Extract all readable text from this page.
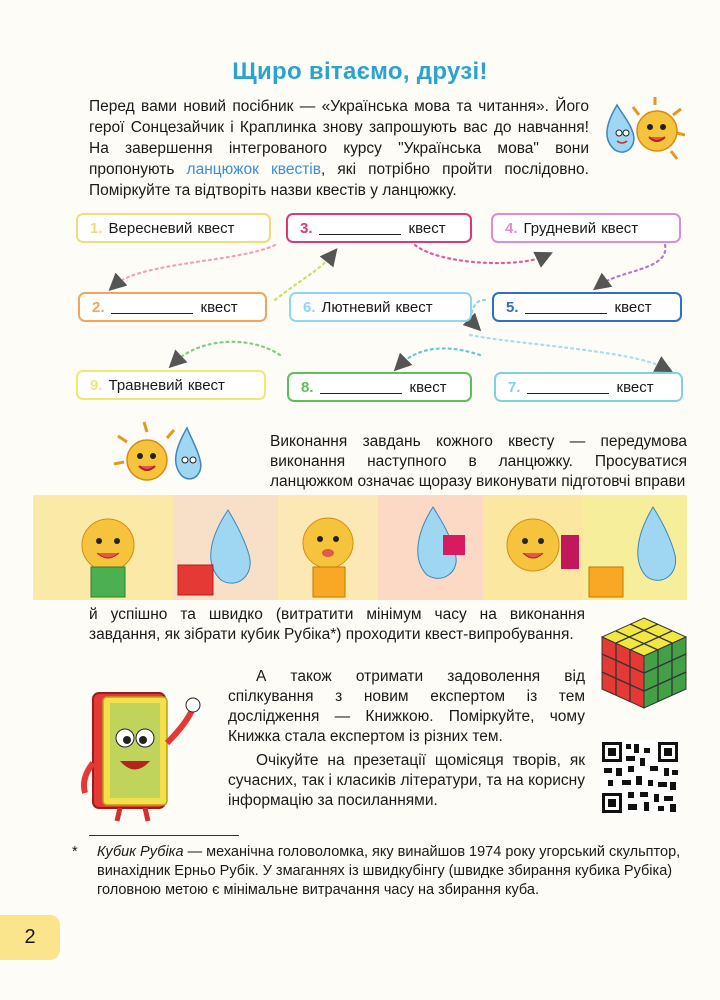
Щиро вітаємо, друзі!
Перед вами новий посібник — «Українська мова та читання». Його герої Сонцезайчик і Краплинка знову запрошують вас до навчання! На завершення інтегрованого курсу "Українська мова" вони пропонують ланцюжок квестів, які потрібно пройти послідовно. Поміркуйте та відтворіть назви квестів у ланцюжку.
1. Вересневий квест	3.	квест	4. Грудневий квест
2.	квест	6. Лютневий квест	5.	квест
9. Травневий квест	8.	квест	7.	квест
Виконання завдань кожного квесту — передумова виконання наступного в ланцюжку. Просуватися ланцюжком означає щоразу виконувати підготовчі вправи
й успішно та швидко (витратити мінімум часу на виконання завдання, як зібрати кубик Рубіка*) проходити квест-випробування.
А також отримати задоволення від спілкування з новим експертом із тем дослідження — Книжкою. Поміркуйте, чому Книжка стала експертом із різних тем.
Очікуйте на презетації щомісяця творів, як сучасних, так і класиків літератури, та на корисну інформацію за посиланнями.
*	Кубик Рубіка — механічна головоломка, яку винайшов 1974 року угорський скульптор, винахідник Ерньо Рубік. У змаганнях із швидкубінгу (швидке збирання кубика Рубіка) головною метою є мінімальне витрачання часу на збирання куба.
2
